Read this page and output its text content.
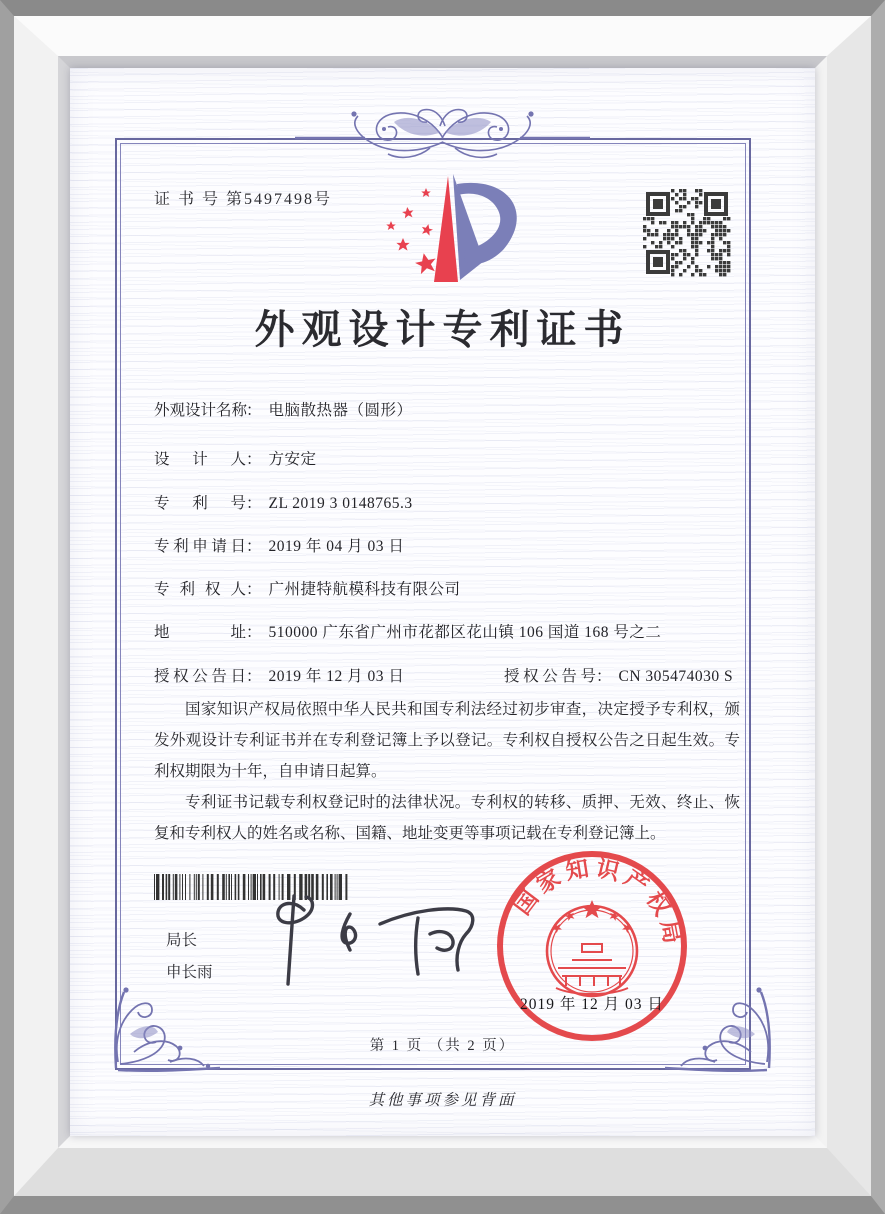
证 书 号 第5497498号
外观设计专利证书
外观设计名称： 电脑散热器（圆形）
设计人： 方安定
专利号： ZL 2019 3 0148765.3
专利申请日： 2019 年 04 月 03 日
专利权人： 广州捷特航模科技有限公司
地址： 510000 广东省广州市花都区花山镇 106 国道 168 号之二
授权公告日： 2019 年 12 月 03 日	授权公告号： CN 305474030 S

国家知识产权局依照中华人民共和国专利法经过初步审查，决定授予专利权，颁发外观设计专利证书并在专利登记簿上予以登记。专利权自授权公告之日起生效。专利权期限为十年，自申请日起算。

专利证书记载专利权登记时的法律状况。专利权的转移、质押、无效、终止、恢复和专利权人的姓名或名称、国籍、地址变更等事项记载在专利登记簿上。

局长
申长雨
国家知识产权局
2019 年 12 月 03 日
第 1 页 （共 2 页）
其他事项参见背面
